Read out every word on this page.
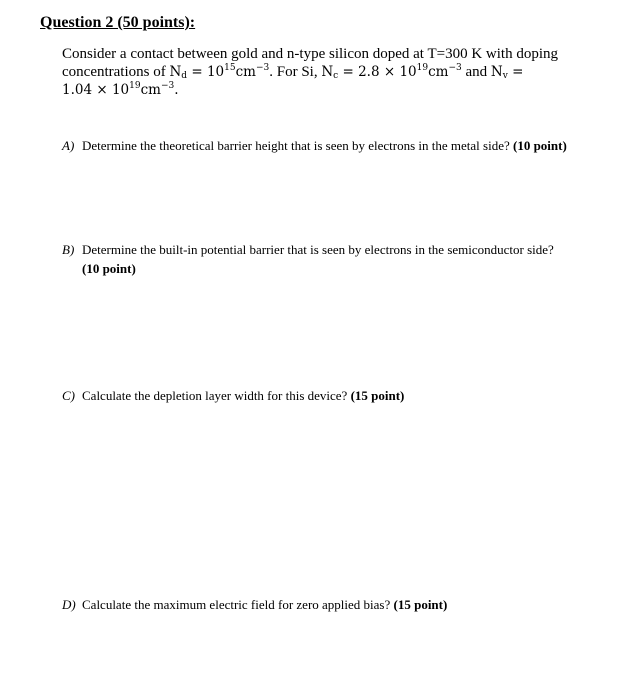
Question 2 (50 points):
Consider a contact between gold and n-type silicon doped at T=300 K with doping
concentrations of $N_d = 10^{15}cm^{-3}$. For Si, $N_c = 2.8 \times 10^{19}cm^{-3}$ and $N_v$ =
$1.04 \times 10^{19}cm^{-3}$.
A) Determine the theoretical barrier height that is seen by electrons in the metal side? (10 point)
B) Determine the built-in potential barrier that is seen by electrons in the semiconductor side?
(10 point)
C) Calculate the depletion layer width for this device? (15 point)
D) Calculate the maximum electric field for zero applied bias? (15 point)
